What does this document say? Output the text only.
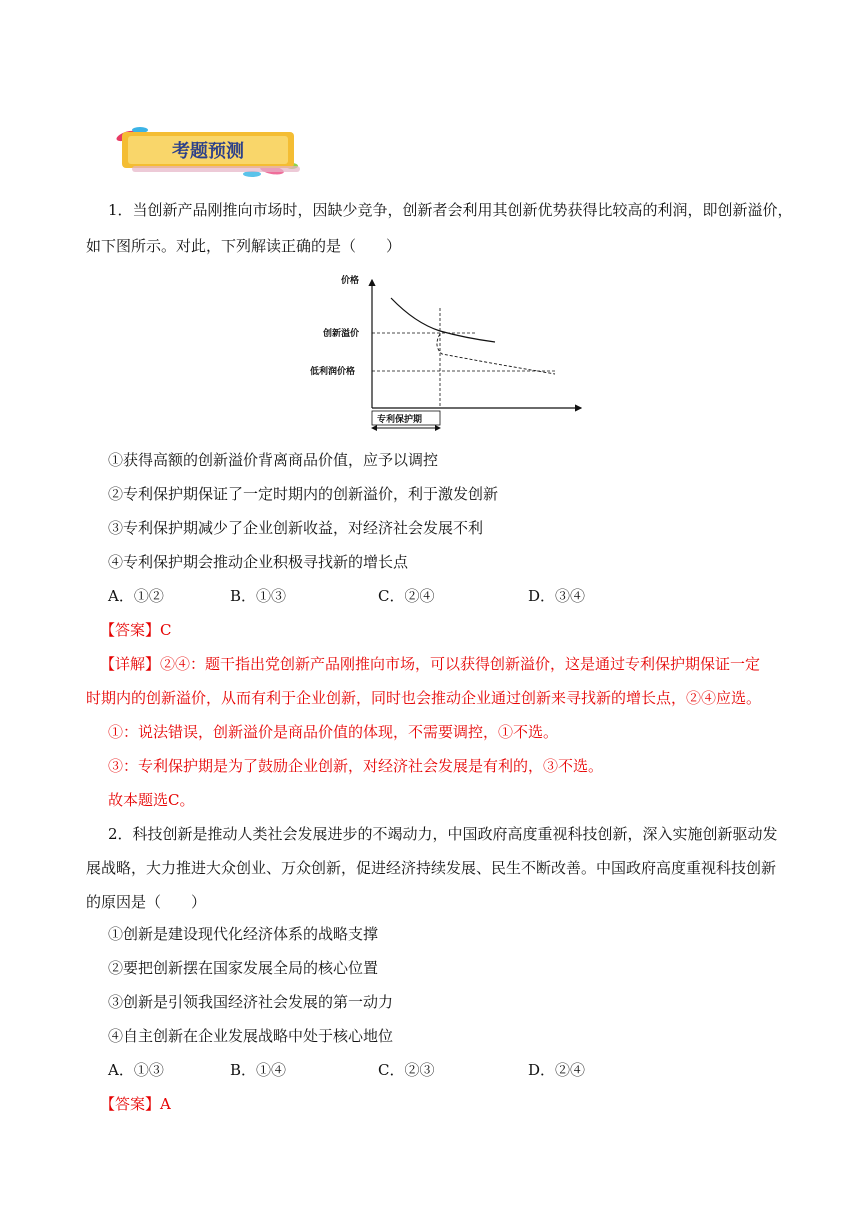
考题预测
1．当创新产品刚推向市场时，因缺少竞争，创新者会利用其创新优势获得比较高的利润，即创新溢价，
如下图所示。对此，下列解读正确的是（　　）
价格
创新溢价
低利润价格
专利保护期
①获得高额的创新溢价背离商品价值，应予以调控
②专利保护期保证了一定时期内的创新溢价，利于激发创新
③专利保护期减少了企业创新收益，对经济社会发展不利
④专利保护期会推动企业积极寻找新的增长点
A．①②	B．①③	C．②④	D．③④
【答案】C
【详解】②④：题干指出党创新产品刚推向市场，可以获得创新溢价，这是通过专利保护期保证一定
时期内的创新溢价，从而有利于企业创新，同时也会推动企业通过创新来寻找新的增长点，②④应选。
①：说法错误，创新溢价是商品价值的体现，不需要调控，①不选。
③：专利保护期是为了鼓励企业创新，对经济社会发展是有利的，③不选。
故本题选C。
2．科技创新是推动人类社会发展进步的不竭动力，中国政府高度重视科技创新，深入实施创新驱动发
展战略，大力推进大众创业、万众创新，促进经济持续发展、民生不断改善。中国政府高度重视科技创新
的原因是（　　）
①创新是建设现代化经济体系的战略支撑
②要把创新摆在国家发展全局的核心位置
③创新是引领我国经济社会发展的第一动力
④自主创新在企业发展战略中处于核心地位
A．①③	B．①④	C．②③	D．②④
【答案】A
